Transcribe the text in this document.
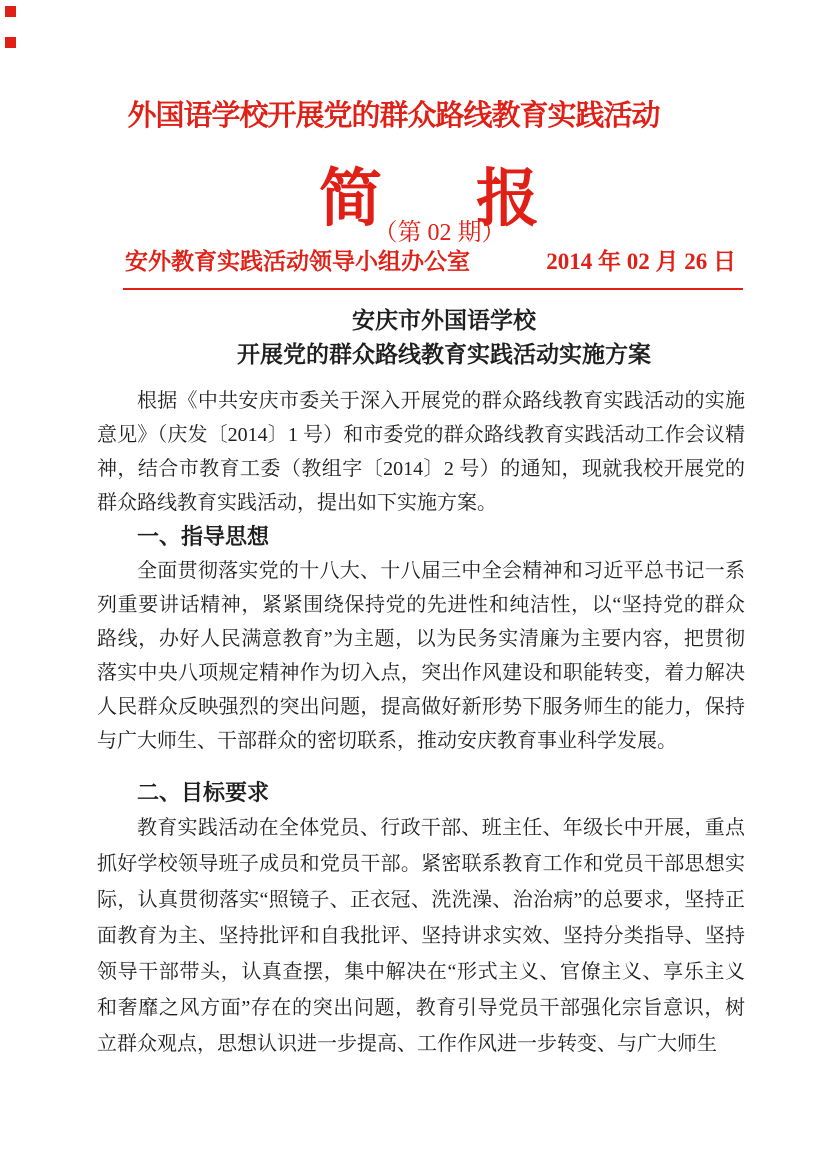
外国语学校开展党的群众路线教育实践活动
简 报
（第 02 期）
安外教育实践活动领导小组办公室	2014 年 02 月 26 日
安庆市外国语学校
开展党的群众路线教育实践活动实施方案

根据《中共安庆市委关于深入开展党的群众路线教育实践活动的实施意见》（庆发〔2014〕1 号）和市委党的群众路线教育实践活动工作会议精神，结合市教育工委（教组字〔2014〕2 号）的通知，现就我校开展党的群众路线教育实践活动，提出如下实施方案。

一、指导思想

全面贯彻落实党的十八大、十八届三中全会精神和习近平总书记一系列重要讲话精神，紧紧围绕保持党的先进性和纯洁性，以“坚持党的群众路线，办好人民满意教育”为主题，以为民务实清廉为主要内容，把贯彻落实中央八项规定精神作为切入点，突出作风建设和职能转变，着力解决人民群众反映强烈的突出问题，提高做好新形势下服务师生的能力，保持与广大师生、干部群众的密切联系，推动安庆教育事业科学发展。

二、目标要求

教育实践活动在全体党员、行政干部、班主任、年级长中开展，重点抓好学校领导班子成员和党员干部。紧密联系教育工作和党员干部思想实际，认真贯彻落实“照镜子、正衣冠、洗洗澡、治治病”的总要求，坚持正面教育为主、坚持批评和自我批评、坚持讲求实效、坚持分类指导、坚持领导干部带头，认真查摆，集中解决在“形式主义、官僚主义、享乐主义和奢靡之风方面”存在的突出问题，教育引导党员干部强化宗旨意识，树立群众观点，思想认识进一步提高、工作作风进一步转变、与广大师生
